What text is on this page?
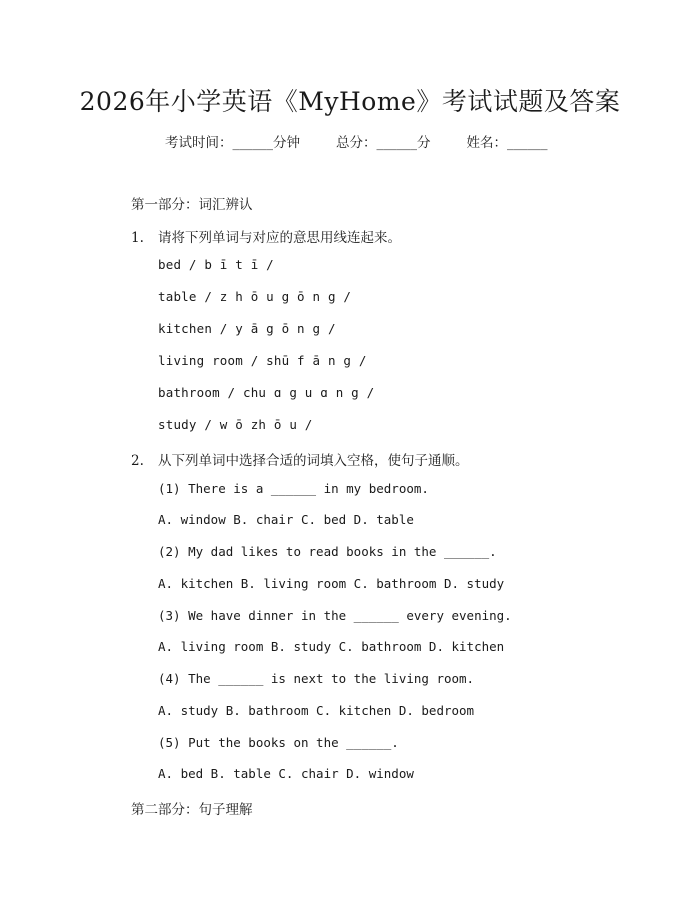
2026年小学英语《MyHome》考试试题及答案
考试时间：______分钟	总分：______分	姓名：______
第一部分：词汇辨认
1. 请将下列单词与对应的意思用线连起来。
bed / b ī t ī /
table / z h ō u g ō n g /
kitchen / y ā g ō n g /
living room / shū f ā n g /
bathroom / chu ɑ g u ɑ n g /
study / w ō zh ō u /
2. 从下列单词中选择合适的词填入空格，使句子通顺。
(1) There is a ______ in my bedroom.
A. window B. chair C. bed D. table
(2) My dad likes to read books in the ______.
A. kitchen B. living room C. bathroom D. study
(3) We have dinner in the ______ every evening.
A. living room B. study C. bathroom D. kitchen
(4) The ______ is next to the living room.
A. study B. bathroom C. kitchen D. bedroom
(5) Put the books on the ______.
A. bed B. table C. chair D. window
第二部分：句子理解
